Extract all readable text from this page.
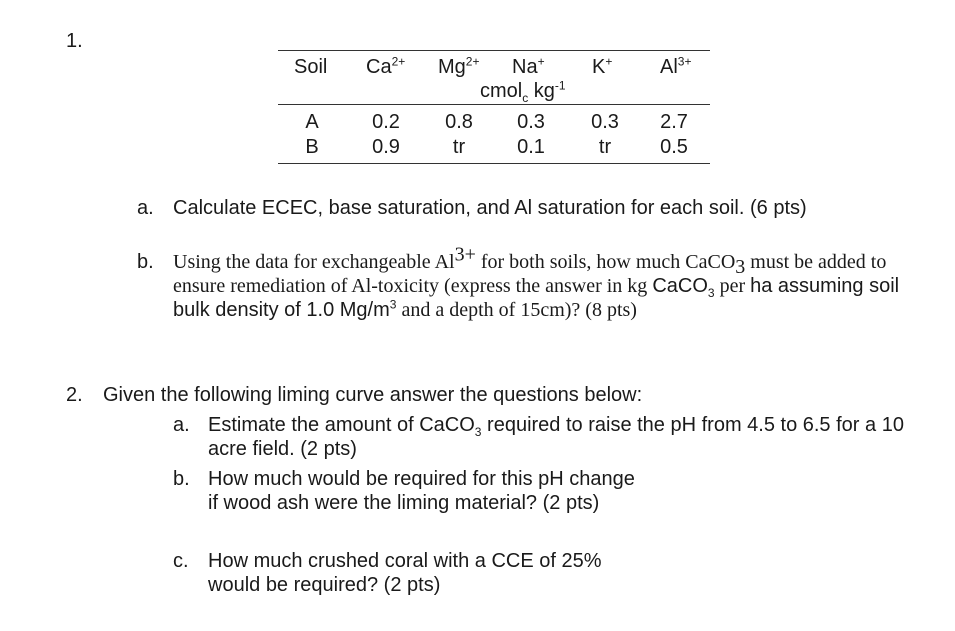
1.
Soil $Ca^{2+}$ $Mg^{2+}$ Na+ K+ $Al^{3+}$
cmol$_c$ $kg^{-1}$
A	0.2	0.8	0.3	0.3	2.7
B	0.9	tr	0.1	tr	0.5
a. Calculate ECEC, base saturation, and Al saturation for each soil. (6 pts)
b. Using the data for exchangeable $Al^{3+}$ for both soils, how much CaCO$_3$ must be added to ensure remediation of Al-toxicity (express the answer in kg CaCO$_3$ per ha assuming soil bulk density of 1.0 $Mg/m^3$ and a depth of 15cm)? (8 pts)
2. Given the following liming curve answer the questions below:
a. Estimate the amount of CaCO$_3$ required to raise the pH from 4.5 to 6.5 for a 10 acre field. (2 pts)
b. How much would be required for this pH change if wood ash were the liming material? (2 pts)
c. How much crushed coral with a CCE of 25% would be required? (2 pts)
